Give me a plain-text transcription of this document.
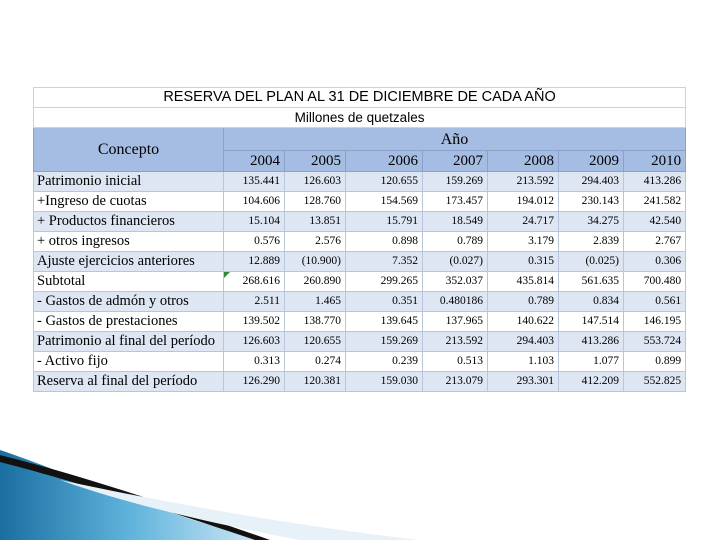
RESERVA DEL PLAN AL 31 DE DICIEMBRE DE CADA AÑO							
Millones de quetzales							
Concepto	Año						
	2004	2005	2006	2007	2008	2009	2010
Patrimonio inicial	135.441	126.603	120.655	159.269	213.592	294.403	413.286
+Ingreso de cuotas	104.606	128.760	154.569	173.457	194.012	230.143	241.582
+ Productos financieros	15.104	13.851	15.791	18.549	24.717	34.275	42.540
+ otros ingresos	0.576	2.576	0.898	0.789	3.179	2.839	2.767
Ajuste ejercicios anteriores	12.889	(10.900)	7.352	(0.027)	0.315	(0.025)	0.306
Subtotal	268.616	260.890	299.265	352.037	435.814	561.635	700.480
- Gastos de admón y otros	2.511	1.465	0.351	0.480186	0.789	0.834	0.561
- Gastos de prestaciones	139.502	138.770	139.645	137.965	140.622	147.514	146.195
Patrimonio al final del período	126.603	120.655	159.269	213.592	294.403	413.286	553.724
- Activo fijo	0.313	0.274	0.239	0.513	1.103	1.077	0.899
Reserva al final del período	126.290	120.381	159.030	213.079	293.301	412.209	552.825
